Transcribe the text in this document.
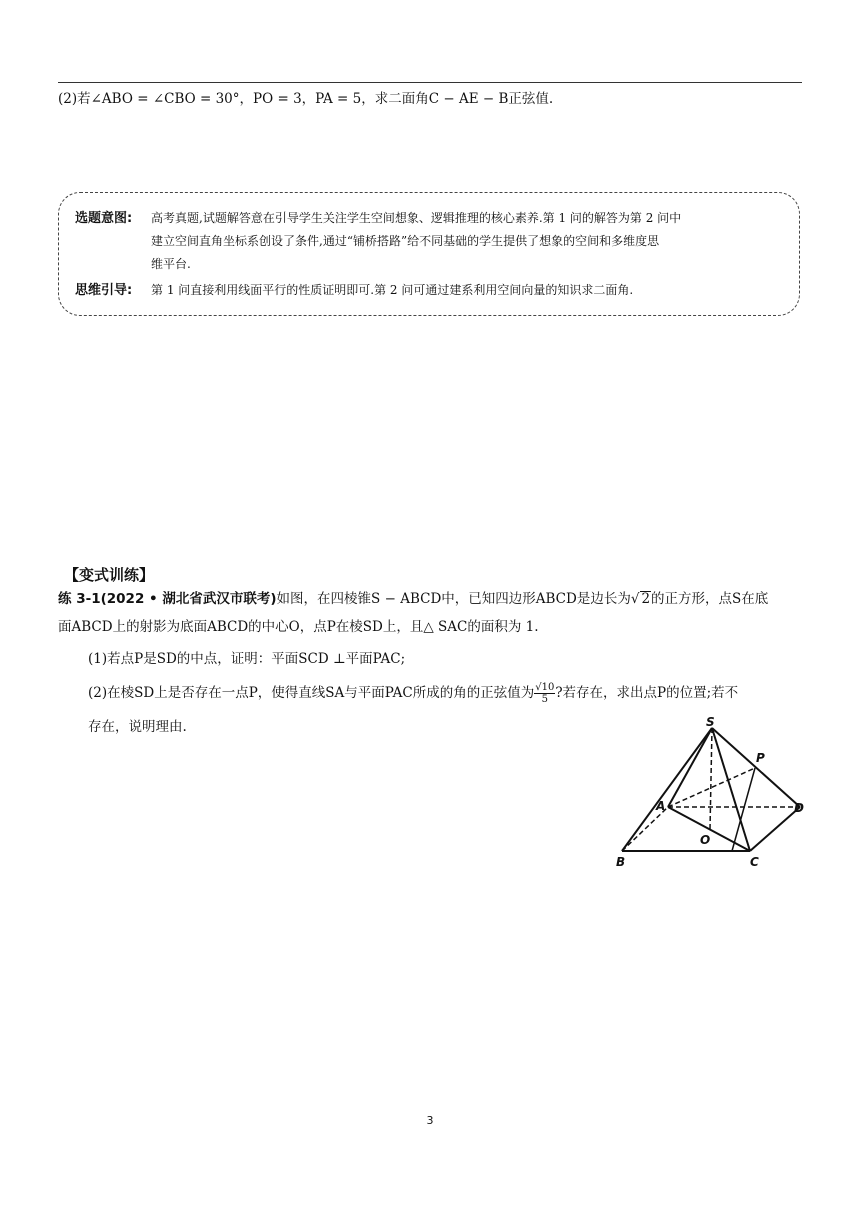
(2)若∠ABO = ∠CBO = 30°，PO = 3，PA = 5，求二面角C − AE − B正弦值.
选题意图: 高考真题,试题解答意在引导学生关注学生空间想象、逻辑推理的核心素养.第 1 问的解答为第 2 问中
建立空间直角坐标系创设了条件,通过“铺桥搭路”给不同基础的学生提供了想象的空间和多维度思
维平台.
思维引导: 第 1 问直接利用线面平行的性质证明即可.第 2 问可通过建系利用空间向量的知识求二面角.
【变式训练】
练 3-1(2022 • 湖北省武汉市联考)如图，在四棱锥S − ABCD中，已知四边形ABCD是边长为√ 2的正方形，点S在底
面ABCD上的射影为底面ABCD的中心O，点P在棱SD上，且△ SAC的面积为 1.
(1)若点P是SD的中点，证明：平面SCD ⊥平面PAC;
(2)在棱SD上是否存在一点P，使得直线SA与平面PAC所成的角的正弦值为 $\frac{√10}{5}$ ?若存在，求出点P的位置;若不
存在，说明理由.	S
P
A	D
O
B	C
3
